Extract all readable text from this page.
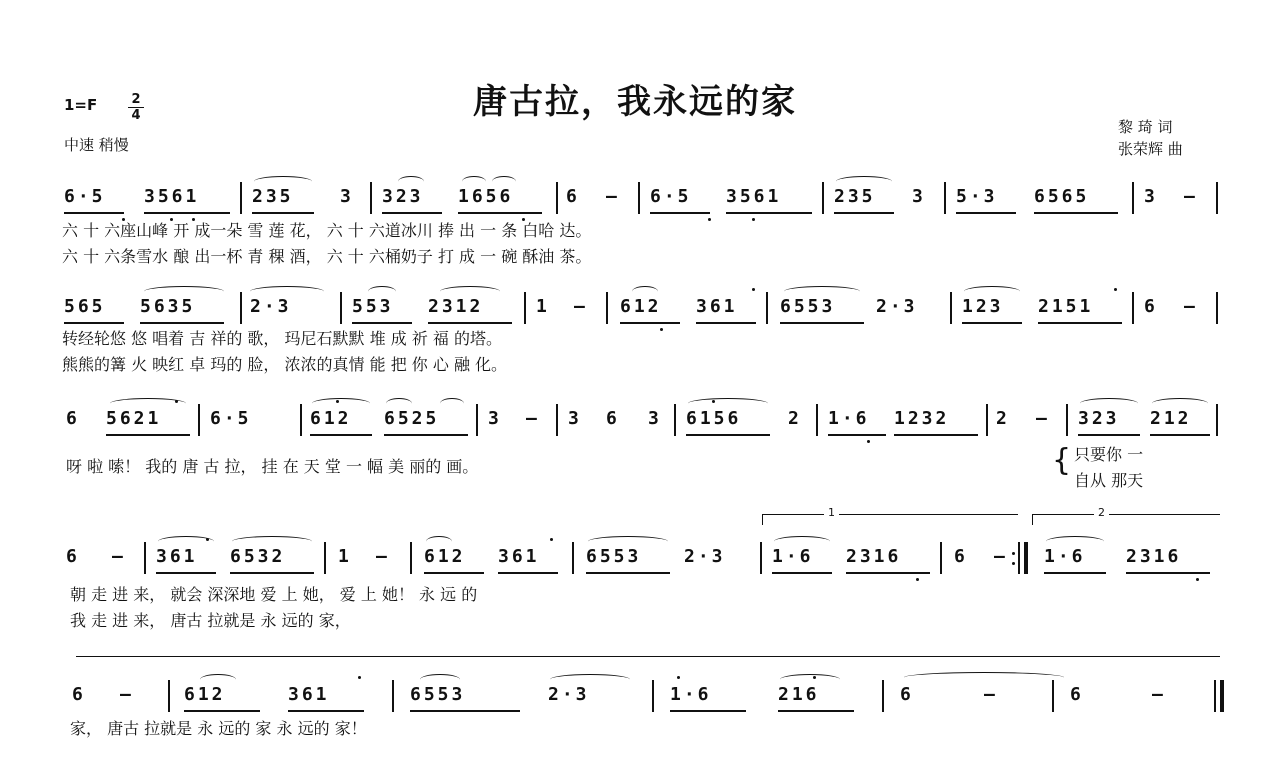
唐古拉，我永远的家
1=F	2
4
中速 稍慢
黎 琦 词
张荣辉 曲
6·5 3561	235	3 323 1656	6 – 6·5 3561	235 3 5·3 6565	3 –
六 十 六座山峰 开 成一朵 雪 莲 花， 六 十 六道冰川 捧 出 一 条 白哈 达。
六 十 六条雪水 酿 出一杯 青 稞 酒， 六 十 六桶奶子 打 成 一 碗 酥油 茶。
565 5635	2·3	553 2312	1 – 612 361 6553 2·3 123 2151	6 –
转经轮悠 悠 唱着 吉 祥的 歌， 玛尼石默默 堆 成 祈 福 的塔。
熊熊的篝 火 映红 卓 玛的 脸， 浓浓的真情 能 把 你 心 融 化。
6 5621	6·5	612 6525	3 – 3 6 3 6156	2 1·6 1232	2 – 323 212
呀 啦 嗦！ 我的 唐 古 拉， 挂 在 天 堂 一 幅 美 丽的 画。	{ 只要你 一
自从 那天
1	2
6 – 361 6532	1 – 612 361	6553 2·3	1·6 2316	6 – 1·6 2316
朝 走 进 来， 就会 深深地 爱 上 她， 爱 上 她！ 永 远 的
我 走 进 来， 唐古 拉就是 永 远的 家，
6 –	612	361	6553	2·3	1·6	216	6	–	6	–
家， 唐古 拉就是 永 远的 家 永 远的 家！
